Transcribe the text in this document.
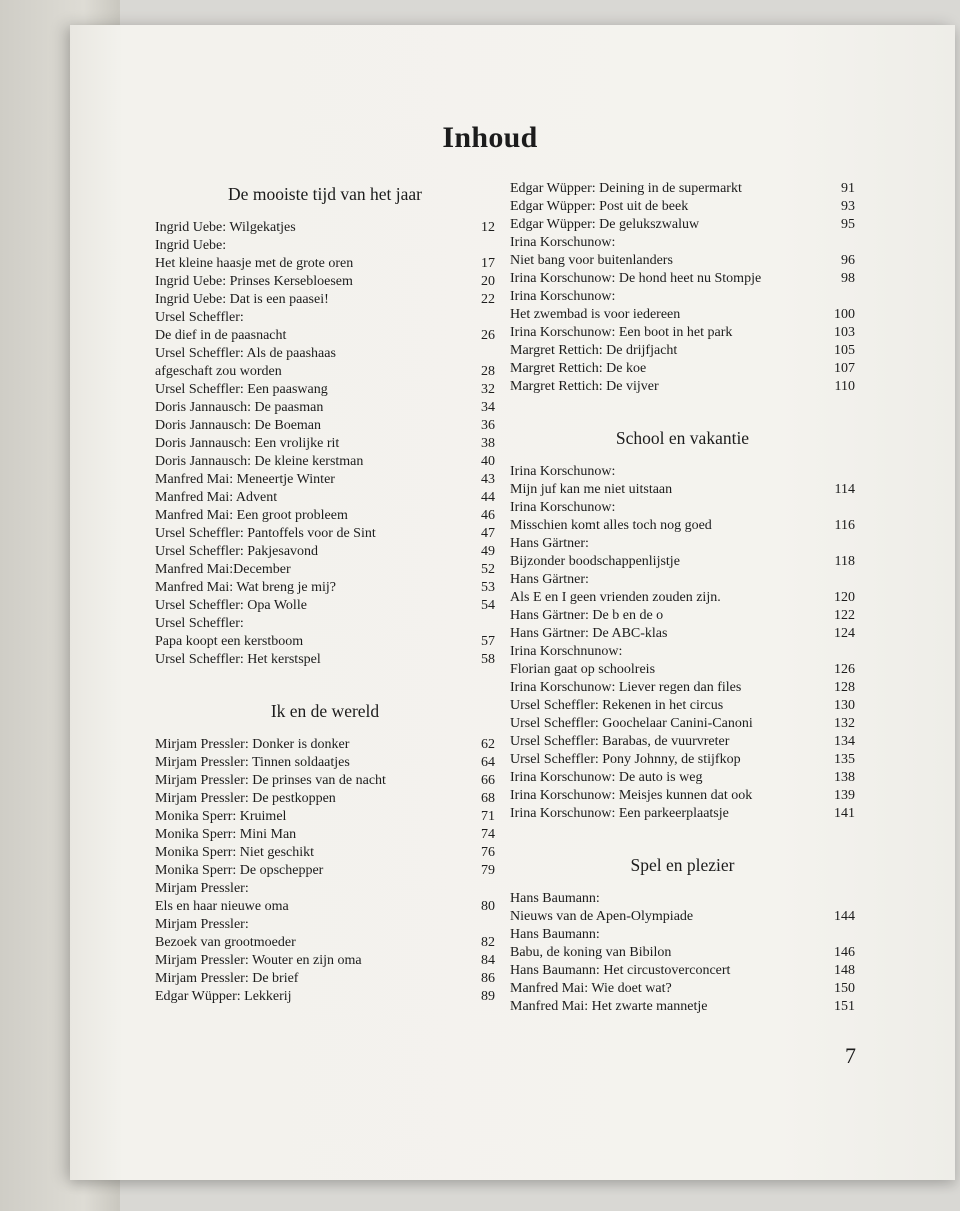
Inhoud
De mooiste tijd van het jaar
Ingrid Uebe: Wilgekatjes	12
Ingrid Uebe:
Het kleine haasje met de grote oren	17
Ingrid Uebe: Prinses Kersebloesem	20
Ingrid Uebe: Dat is een paasei!	22
Ursel Scheffler:
De dief in de paasnacht	26
Ursel Scheffler: Als de paashaas
afgeschaft zou worden	28
Ursel Scheffler: Een paaswang	32
Doris Jannausch: De paasman	34
Doris Jannausch: De Boeman	36
Doris Jannausch: Een vrolijke rit	38
Doris Jannausch: De kleine kerstman	40
Manfred Mai: Meneertje Winter	43
Manfred Mai: Advent	44
Manfred Mai: Een groot probleem	46
Ursel Scheffler: Pantoffels voor de Sint	47
Ursel Scheffler: Pakjesavond	49
Manfred Mai:December	52
Manfred Mai: Wat breng je mij?	53
Ursel Scheffler: Opa Wolle	54
Ursel Scheffler:
Papa koopt een kerstboom	57
Ursel Scheffler: Het kerstspel	58
Ik en de wereld
Mirjam Pressler: Donker is donker	62
Mirjam Pressler: Tinnen soldaatjes	64
Mirjam Pressler: De prinses van de nacht	66
Mirjam Pressler: De pestkoppen	68
Monika Sperr: Kruimel	71
Monika Sperr: Mini Man	74
Monika Sperr: Niet geschikt	76
Monika Sperr: De opschepper	79
Mirjam Pressler:
Els en haar nieuwe oma	80
Mirjam Pressler:
Bezoek van grootmoeder	82
Mirjam Pressler: Wouter en zijn oma	84
Mirjam Pressler: De brief	86
Edgar Wüpper: Lekkerij	89
Edgar Wüpper: Deining in de supermarkt	91
Edgar Wüpper: Post uit de beek	93
Edgar Wüpper: De gelukszwaluw	95
Irina Korschunow:
Niet bang voor buitenlanders	96
Irina Korschunow: De hond heet nu Stompje	98
Irina Korschunow:
Het zwembad is voor iedereen	100
Irina Korschunow: Een boot in het park	103
Margret Rettich: De drijfjacht	105
Margret Rettich: De koe	107
Margret Rettich: De vijver	110
School en vakantie
Irina Korschunow:
Mijn juf kan me niet uitstaan	114
Irina Korschunow:
Misschien komt alles toch nog goed	116
Hans Gärtner:
Bijzonder boodschappenlijstje	118
Hans Gärtner:
Als E en I geen vrienden zouden zijn.	120
Hans Gärtner: De b en de o	122
Hans Gärtner: De ABC-klas	124
Irina Korschnunow:
Florian gaat op schoolreis	126
Irina Korschunow: Liever regen dan files	128
Ursel Scheffler: Rekenen in het circus	130
Ursel Scheffler: Goochelaar Canini-Canoni	132
Ursel Scheffler: Barabas, de vuurvreter	134
Ursel Scheffler: Pony Johnny, de stijfkop	135
Irina Korschunow: De auto is weg	138
Irina Korschunow: Meisjes kunnen dat ook	139
Irina Korschunow: Een parkeerplaatsje	141
Spel en plezier
Hans Baumann:
Nieuws van de Apen-Olympiade	144
Hans Baumann:
Babu, de koning van Bibilon	146
Hans Baumann: Het circustoverconcert	148
Manfred Mai: Wie doet wat?	150
Manfred Mai: Het zwarte mannetje	151
7
